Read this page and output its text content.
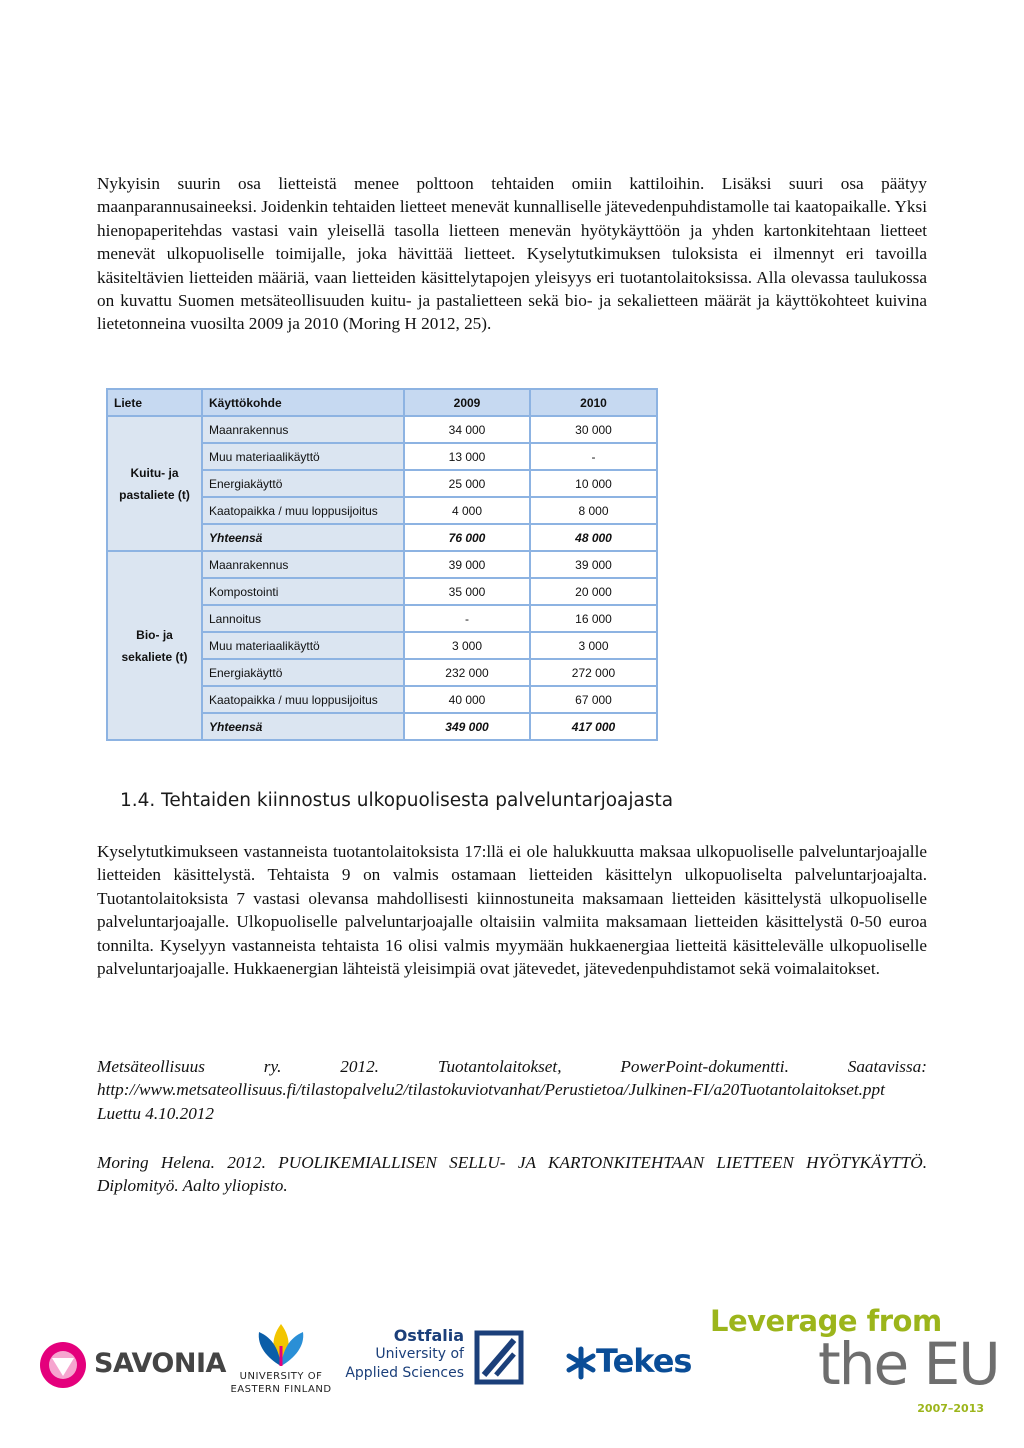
Nykyisin suurin osa lietteistä menee polttoon tehtaiden omiin kattiloihin. Lisäksi suuri osa päätyy maanparannusaineeksi. Joidenkin tehtaiden lietteet menevät kunnalliselle jätevedenpuhdistamolle tai kaatopaikalle. Yksi hienopaperitehdas vastasi vain yleisellä tasolla lietteen menevän hyötykäyttöön ja yhden kartonkitehtaan lietteet menevät ulkopuoliselle toimijalle, joka hävittää lietteet. Kyselytutkimuksen tuloksista ei ilmennyt eri tavoilla käsiteltävien lietteiden määriä, vaan lietteiden käsittelytapojen yleisyys eri tuotantolaitoksissa. Alla olevassa taulukossa on kuvattu Suomen metsäteollisuuden kuitu- ja pastalietteen sekä bio- ja sekalietteen määrät ja käyttökohteet kuivina lietetonneina vuosilta 2009 ja 2010 (Moring H 2012, 25).

Liete	Käyttökohde	2009	2010
Kuitu- ja pastaliete (t)	Maanrakennus	34 000	30 000
	Muu materiaalikäyttö	13 000	-
	Energiakäyttö	25 000	10 000
	Kaatopaikka / muu loppusijoitus	4 000	8 000
	Yhteensä	76 000	48 000
Bio- ja sekaliete (t)	Maanrakennus	39 000	39 000
	Kompostointi	35 000	20 000
	Lannoitus	-	16 000
	Muu materiaalikäyttö	3 000	3 000
	Energiakäyttö	232 000	272 000
	Kaatopaikka / muu loppusijoitus	40 000	67 000
	Yhteensä	349 000	417 000
1.4. Tehtaiden kiinnostus ulkopuolisesta palveluntarjoajasta

Kyselytutkimukseen vastanneista tuotantolaitoksista 17:llä ei ole halukkuutta maksaa ulkopuoliselle palveluntarjoajalle lietteiden käsittelystä. Tehtaista 9 on valmis ostamaan lietteiden käsittelyn ulkopuoliselta palveluntarjoajalta. Tuotantolaitoksista 7 vastasi olevansa mahdollisesti kiinnostuneita maksamaan lietteiden käsittelystä ulkopuoliselle palveluntarjoajalle. Ulkopuoliselle palveluntarjoajalle oltaisiin valmiita maksamaan lietteiden käsittelystä 0-50 euroa tonnilta. Kyselyyn vastanneista tehtaista 16 olisi valmis myymään hukkaenergiaa lietteitä käsittelevälle ulkopuoliselle palveluntarjoajalle. Hukkaenergian lähteistä yleisimpiä ovat jätevedet, jätevedenpuhdistamot sekä voimalaitokset.

Metsäteollisuus ry. 2012. Tuotantolaitokset, PowerPoint-dokumentti. Saatavissa: http://www.metsateollisuus.fi/tilastopalvelu2/tilastokuviotvanhat/Perustietoa/Julkinen-FI/a20Tuotantolaitokset.ppt Luettu 4.10.2012

Moring Helena. 2012. PUOLIKEMIALLISEN SELLU- JA KARTONKITEHTAAN LIETTEEN HYÖTYKÄYTTÖ. Diplomityö. Aalto yliopisto.

SAVONIA	UNIVERSITY OF
EASTERN FINLAND
Ostfalia
University of
Applied Sciences	Tekes
Leverage from
the EU
2007–2013
